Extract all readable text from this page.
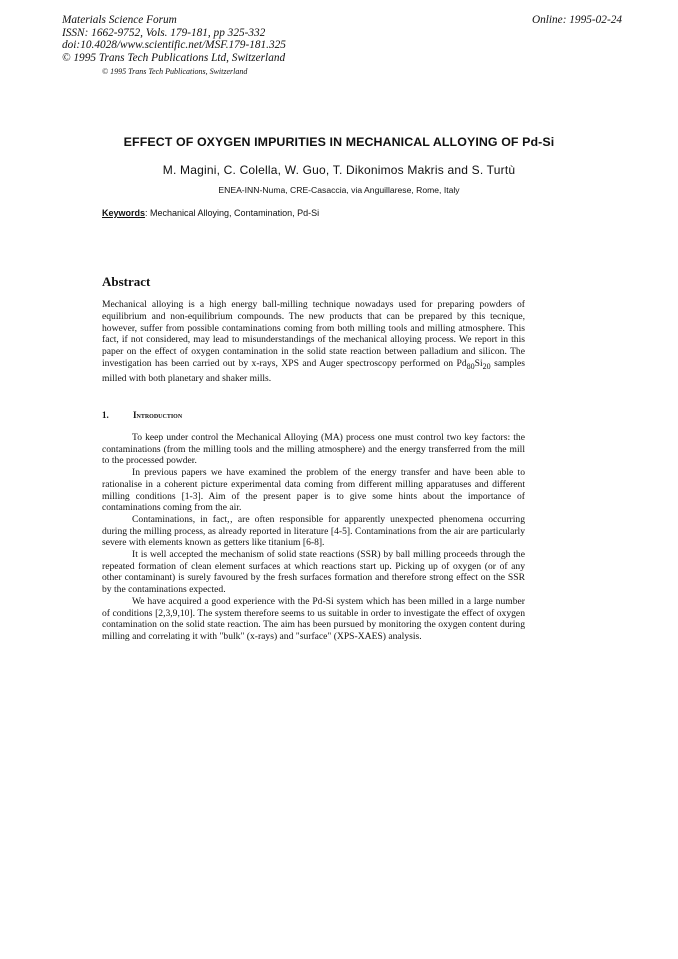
Materials Science Forum
ISSN: 1662-9752, Vols. 179-181, pp 325-332
doi:10.4028/www.scientific.net/MSF.179-181.325
© 1995 Trans Tech Publications Ltd, Switzerland
Online: 1995-02-24
© 1995 Trans Tech Publications, Switzerland
EFFECT OF OXYGEN IMPURITIES IN MECHANICAL ALLOYING OF Pd-Si
M. Magini, C. Colella, W. Guo, T. Dikonimos Makris and S. Turtù
ENEA-INN-Numa, CRE-Casaccia, via Anguillarese, Rome, Italy
Keywords: Mechanical Alloying, Contamination, Pd-Si
Abstract
Mechanical alloying is a high energy ball-milling technique nowadays used for preparing powders of equilibrium and non-equilibrium compounds. The new products that can be prepared by this tecnique, however, suffer from possible contaminations coming from both milling tools and milling atmosphere. This fact, if not considered, may lead to misunderstandings of the mechanical alloying process. We report in this paper on the effect of oxygen contamination in the solid state reaction between palladium and silicon. The investigation has been carried out by x-rays, XPS and Auger spectroscopy performed on $Pd_{80}Si_{20}$ samples milled with both planetary and shaker mills.
1.	Introduction

To keep under control the Mechanical Alloying (MA) process one must control two key factors: the contaminations (from the milling tools and the milling atmosphere) and the energy transferred from the mill to the processed powder.

In previous papers we have examined the problem of the energy transfer and have been able to rationalise in a coherent picture experimental data coming from different milling apparatuses and different milling conditions [1-3]. Aim of the present paper is to give some hints about the importance of contaminations coming from the air.

Contaminations, in fact,‚ are often responsible for apparently unexpected phenomena occurring during the milling process, as already reported in literature [4-5]. Contaminations from the air are particularly severe with elements known as getters like titanium [6-8].

It is well accepted the mechanism of solid state reactions (SSR) by ball milling proceeds through the repeated formation of clean element surfaces at which reactions start up. Picking up of oxygen (or of any other contaminant) is surely favoured by the fresh surfaces formation and therefore strong effect on the SSR by the contaminations expected.

We have acquired a good experience with the Pd-Si system which has been milled in a large number of conditions [2,3,9,10]. The system therefore seems to us suitable in order to investigate the effect of oxygen contamination on the solid state reaction. The aim has been pursued by monitoring the oxygen content during milling and correlating it with "bulk" (x-rays) and "surface" (XPS-XAES) analysis.
